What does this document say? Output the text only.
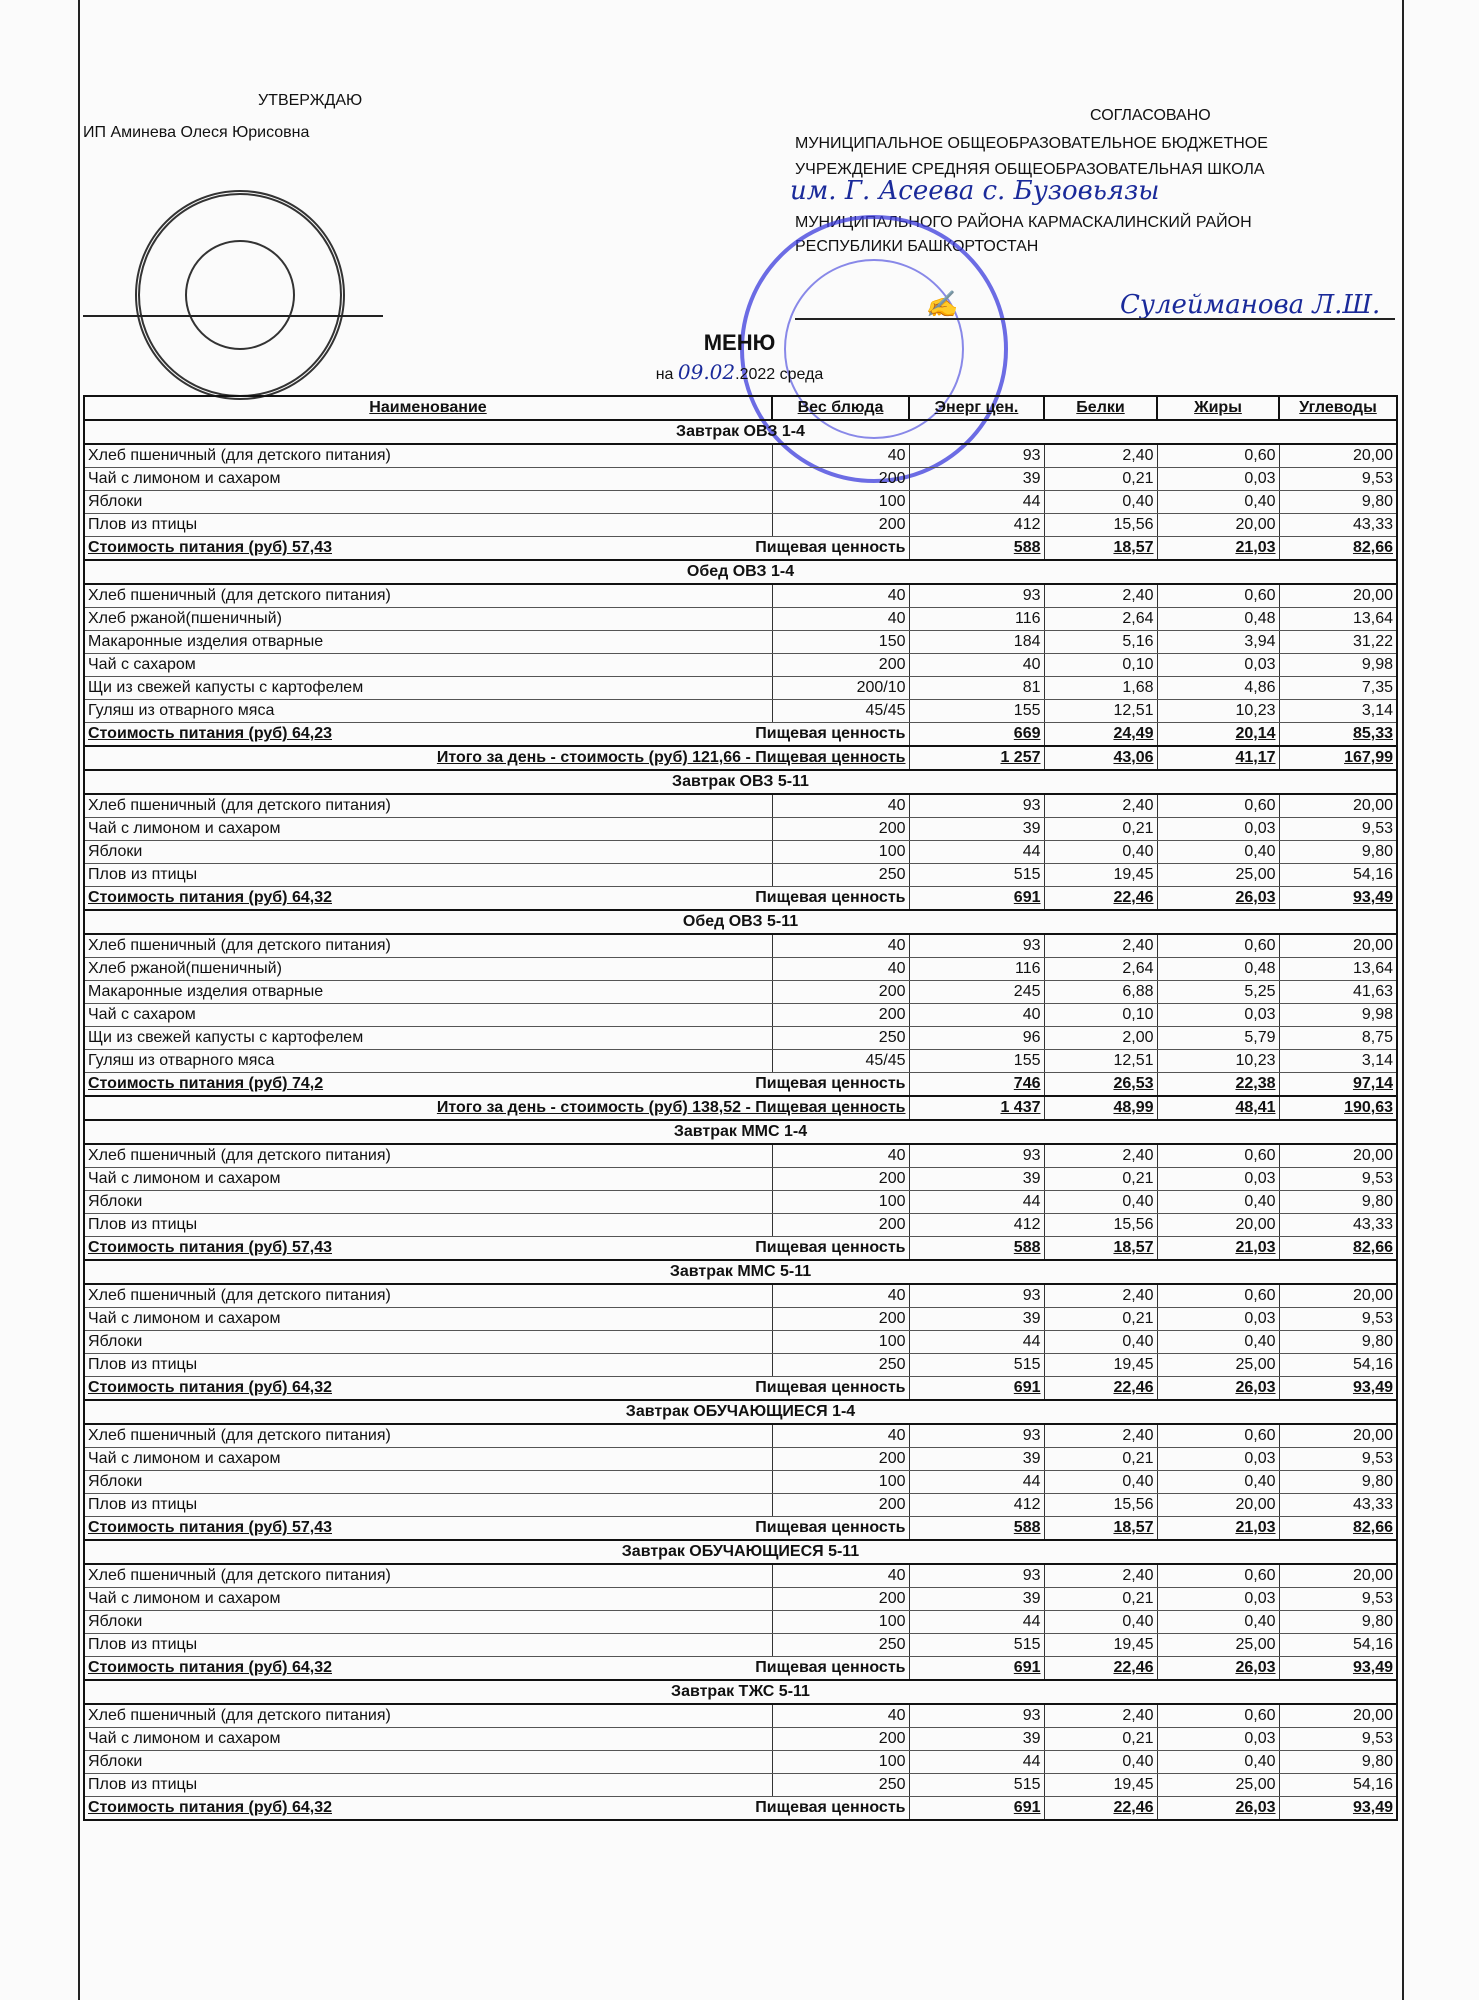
УТВЕРЖДАЮ
ИП Аминева Олеся Юрисовна
СОГЛАСОВАНО
МУНИЦИПАЛЬНОЕ ОБЩЕОБРАЗОВАТЕЛЬНОЕ БЮДЖЕТНОЕ
УЧРЕЖДЕНИЕ СРЕДНЯЯ ОБЩЕОБРАЗОВАТЕЛЬНАЯ ШКОЛА
им. Г. Асеева с. Бузовьязы
МУНИЦИПАЛЬНОГО РАЙОНА КАРМАСКАЛИНСКИЙ РАЙОН
РЕСПУБЛИКИ БАШКОРТОСТАН
✍	Сулейманова Л.Ш.
МЕНЮ
на 09.02.2022 среда
Наименование	Вес блюда	Энерг цен.	Белки	Жиры	Углеводы
Завтрак ОВЗ 1-4					
Хлеб пшеничный (для детского питания)	40	93	2,40	0,60	20,00
Чай с лимоном и сахаром	200	39	0,21	0,03	9,53
Яблоки	100	44	0,40	0,40	9,80
Плов из птицы	200	412	15,56	20,00	43,33
Стоимость питания (руб) 57,43 Пищевая ценность		588	18,57	21,03	82,66
Обед ОВЗ 1-4					
Хлеб пшеничный (для детского питания)	40	93	2,40	0,60	20,00
Хлеб ржаной(пшеничный)	40	116	2,64	0,48	13,64
Макаронные изделия отварные	150	184	5,16	3,94	31,22
Чай с сахаром	200	40	0,10	0,03	9,98
Щи из свежей капусты с картофелем	200/10	81	1,68	4,86	7,35
Гуляш из отварного мяса	45/45	155	12,51	10,23	3,14
Стоимость питания (руб) 64,23 Пищевая ценность		669	24,49	20,14	85,33
Итого за день - стоимость (руб) 121,66 - Пищевая ценность		1 257	43,06	41,17	167,99
Завтрак ОВЗ 5-11					
Хлеб пшеничный (для детского питания)	40	93	2,40	0,60	20,00
Чай с лимоном и сахаром	200	39	0,21	0,03	9,53
Яблоки	100	44	0,40	0,40	9,80
Плов из птицы	250	515	19,45	25,00	54,16
Стоимость питания (руб) 64,32 Пищевая ценность		691	22,46	26,03	93,49
Обед ОВЗ 5-11					
Хлеб пшеничный (для детского питания)	40	93	2,40	0,60	20,00
Хлеб ржаной(пшеничный)	40	116	2,64	0,48	13,64
Макаронные изделия отварные	200	245	6,88	5,25	41,63
Чай с сахаром	200	40	0,10	0,03	9,98
Щи из свежей капусты с картофелем	250	96	2,00	5,79	8,75
Гуляш из отварного мяса	45/45	155	12,51	10,23	3,14
Стоимость питания (руб) 74,2 Пищевая ценность		746	26,53	22,38	97,14
Итого за день - стоимость (руб) 138,52 - Пищевая ценность		1 437	48,99	48,41	190,63
Завтрак ММС 1-4					
Хлеб пшеничный (для детского питания)	40	93	2,40	0,60	20,00
Чай с лимоном и сахаром	200	39	0,21	0,03	9,53
Яблоки	100	44	0,40	0,40	9,80
Плов из птицы	200	412	15,56	20,00	43,33
Стоимость питания (руб) 57,43 Пищевая ценность		588	18,57	21,03	82,66
Завтрак ММС 5-11					
Хлеб пшеничный (для детского питания)	40	93	2,40	0,60	20,00
Чай с лимоном и сахаром	200	39	0,21	0,03	9,53
Яблоки	100	44	0,40	0,40	9,80
Плов из птицы	250	515	19,45	25,00	54,16
Стоимость питания (руб) 64,32 Пищевая ценность		691	22,46	26,03	93,49
Завтрак ОБУЧАЮЩИЕСЯ 1-4					
Хлеб пшеничный (для детского питания)	40	93	2,40	0,60	20,00
Чай с лимоном и сахаром	200	39	0,21	0,03	9,53
Яблоки	100	44	0,40	0,40	9,80
Плов из птицы	200	412	15,56	20,00	43,33
Стоимость питания (руб) 57,43 Пищевая ценность		588	18,57	21,03	82,66
Завтрак ОБУЧАЮЩИЕСЯ 5-11					
Хлеб пшеничный (для детского питания)	40	93	2,40	0,60	20,00
Чай с лимоном и сахаром	200	39	0,21	0,03	9,53
Яблоки	100	44	0,40	0,40	9,80
Плов из птицы	250	515	19,45	25,00	54,16
Стоимость питания (руб) 64,32 Пищевая ценность		691	22,46	26,03	93,49
Завтрак ТЖС 5-11					
Хлеб пшеничный (для детского питания)	40	93	2,40	0,60	20,00
Чай с лимоном и сахаром	200	39	0,21	0,03	9,53
Яблоки	100	44	0,40	0,40	9,80
Плов из птицы	250	515	19,45	25,00	54,16
Стоимость питания (руб) 64,32 Пищевая ценность		691	22,46	26,03	93,49
